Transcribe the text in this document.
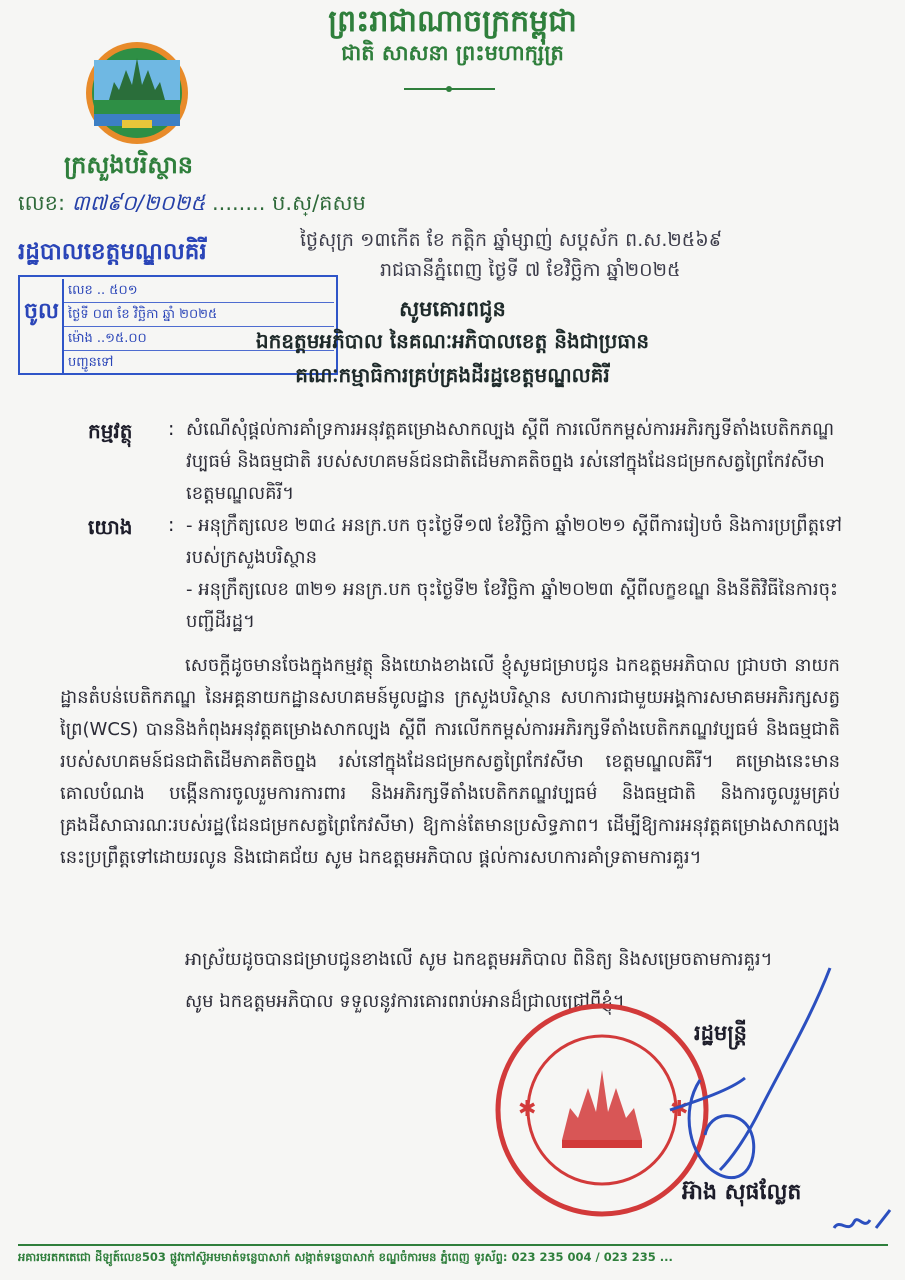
ព្រះរាជាណាចក្រកម្ពុជា
ជាតិ សាសនា ព្រះមហាក្សត្រ
ក្រសួងបរិស្ថាន
លេខ: ៣៧៩០/២០២៥ ........ ប.ស្/គសម
រដ្ឋបាលខេត្តមណ្ឌលគិរី
ចូល
លេខ .. ៥០១
ថ្ងៃទី ០៣ ខែ វិច្ឆិកា ឆ្នាំ ២០២៥
ម៉ោង ..១៥.០០
បញ្ជូនទៅ
ថ្ងៃសុក្រ ១៣កើត ខែ កត្តិក ឆ្នាំម្សាញ់ សប្តស័ក ព.ស.២៥៦៩
រាជធានីភ្នំពេញ ថ្ងៃទី ៧ ខែវិច្ឆិកា ឆ្នាំ២០២៥
សូមគោរពជូន
ឯកឧត្តមអភិបាល នៃគណៈអភិបាលខេត្ត និងជាប្រធាន
គណៈកម្មាធិការគ្រប់គ្រងដីរដ្ឋខេត្តមណ្ឌលគិរី
កម្មវត្ថុ : សំណើសុំផ្តល់ការគាំទ្រការអនុវត្តគម្រោងសាកល្បង ស្តីពី ការលើកកម្ពស់ការអភិរក្សទីតាំងបេតិកភណ្ឌវប្បធម៌ និងធម្មជាតិ របស់សហគមន៍ជនជាតិដើមភាគតិចព្នង រស់នៅក្នុងដែនជម្រកសត្វព្រៃកែវសីមា ខេត្តមណ្ឌលគិរី។
យោង : - អនុក្រឹត្យលេខ ២៣៤ អនក្រ.បក ចុះថ្ងៃទី១៧ ខែវិច្ឆិកា ឆ្នាំ២០២១ ស្តីពីការរៀបចំ និងការប្រព្រឹត្តទៅរបស់ក្រសួងបរិស្ថាន
- អនុក្រឹត្យលេខ ៣២១ អនក្រ.បក ចុះថ្ងៃទី២ ខែវិច្ឆិកា ឆ្នាំ២០២៣ ស្តីពីលក្ខខណ្ឌ និងនីតិវិធីនៃការចុះបញ្ជីដីរដ្ឋ។
សេចក្តីដូចមានចែងក្នុងកម្មវត្ថុ និងយោងខាងលើ ខ្ញុំសូមជម្រាបជូន ឯកឧត្តមអភិបាល ជ្រាបថា នាយកដ្ឋានតំបន់បេតិកភណ្ឌ នៃអគ្គនាយកដ្ឋានសហគមន៍មូលដ្ឋាន ក្រសួងបរិស្ថាន សហការជាមួយអង្គការសមាគមអភិរក្សសត្វព្រៃ(WCS) បាននិងកំពុងអនុវត្តគម្រោងសាកល្បង ស្តីពី ការលើកកម្ពស់ការអភិរក្សទីតាំងបេតិកភណ្ឌវប្បធម៌ និងធម្មជាតិ របស់សហគមន៍ជនជាតិដើមភាគតិចព្នង រស់នៅក្នុងដែនជម្រកសត្វព្រៃកែវសីមា ខេត្តមណ្ឌលគិរី។ គម្រោងនេះមានគោលបំណង បង្កើនការចូលរួមការការពារ និងអភិរក្សទីតាំងបេតិកភណ្ឌវប្បធម៌ និងធម្មជាតិ និងការចូលរួមគ្រប់គ្រងដីសាធារណៈរបស់រដ្ឋ(ដែនជម្រកសត្វព្រៃកែវសីមា) ឱ្យកាន់តែមានប្រសិទ្ធភាព។ ដើម្បីឱ្យការអនុវត្តគម្រោងសាកល្បងនេះប្រព្រឹត្តទៅដោយរលូន និងជោគជ័យ សូម ឯកឧត្តមអភិបាល ផ្តល់ការសហការគាំទ្រតាមការគួរ។
អាស្រ័យដូចបានជម្រាបជូនខាងលើ សូម ឯកឧត្តមអភិបាល ពិនិត្យ និងសម្រេចតាមការគួរ។
សូម ឯកឧត្តមអភិបាល ទទួលនូវការគោរពរាប់អានដ៏ជ្រាលជ្រៅពីខ្ញុំ។
រដ្ឋមន្ត្រី
✱	✱
អ៊ាង សុផល្លែត
អគារមរតកតេជោ ដីឡូត៍លេខ503 ផ្លូវកៅស៊ូអមមាត់ទន្លេបាសាក់ សង្កាត់ទន្លេបាសាក់ ខណ្ឌចំការមន ភ្នំពេញ ទូរស័ព្ទ: 023 235 004 / 023 235 ...
